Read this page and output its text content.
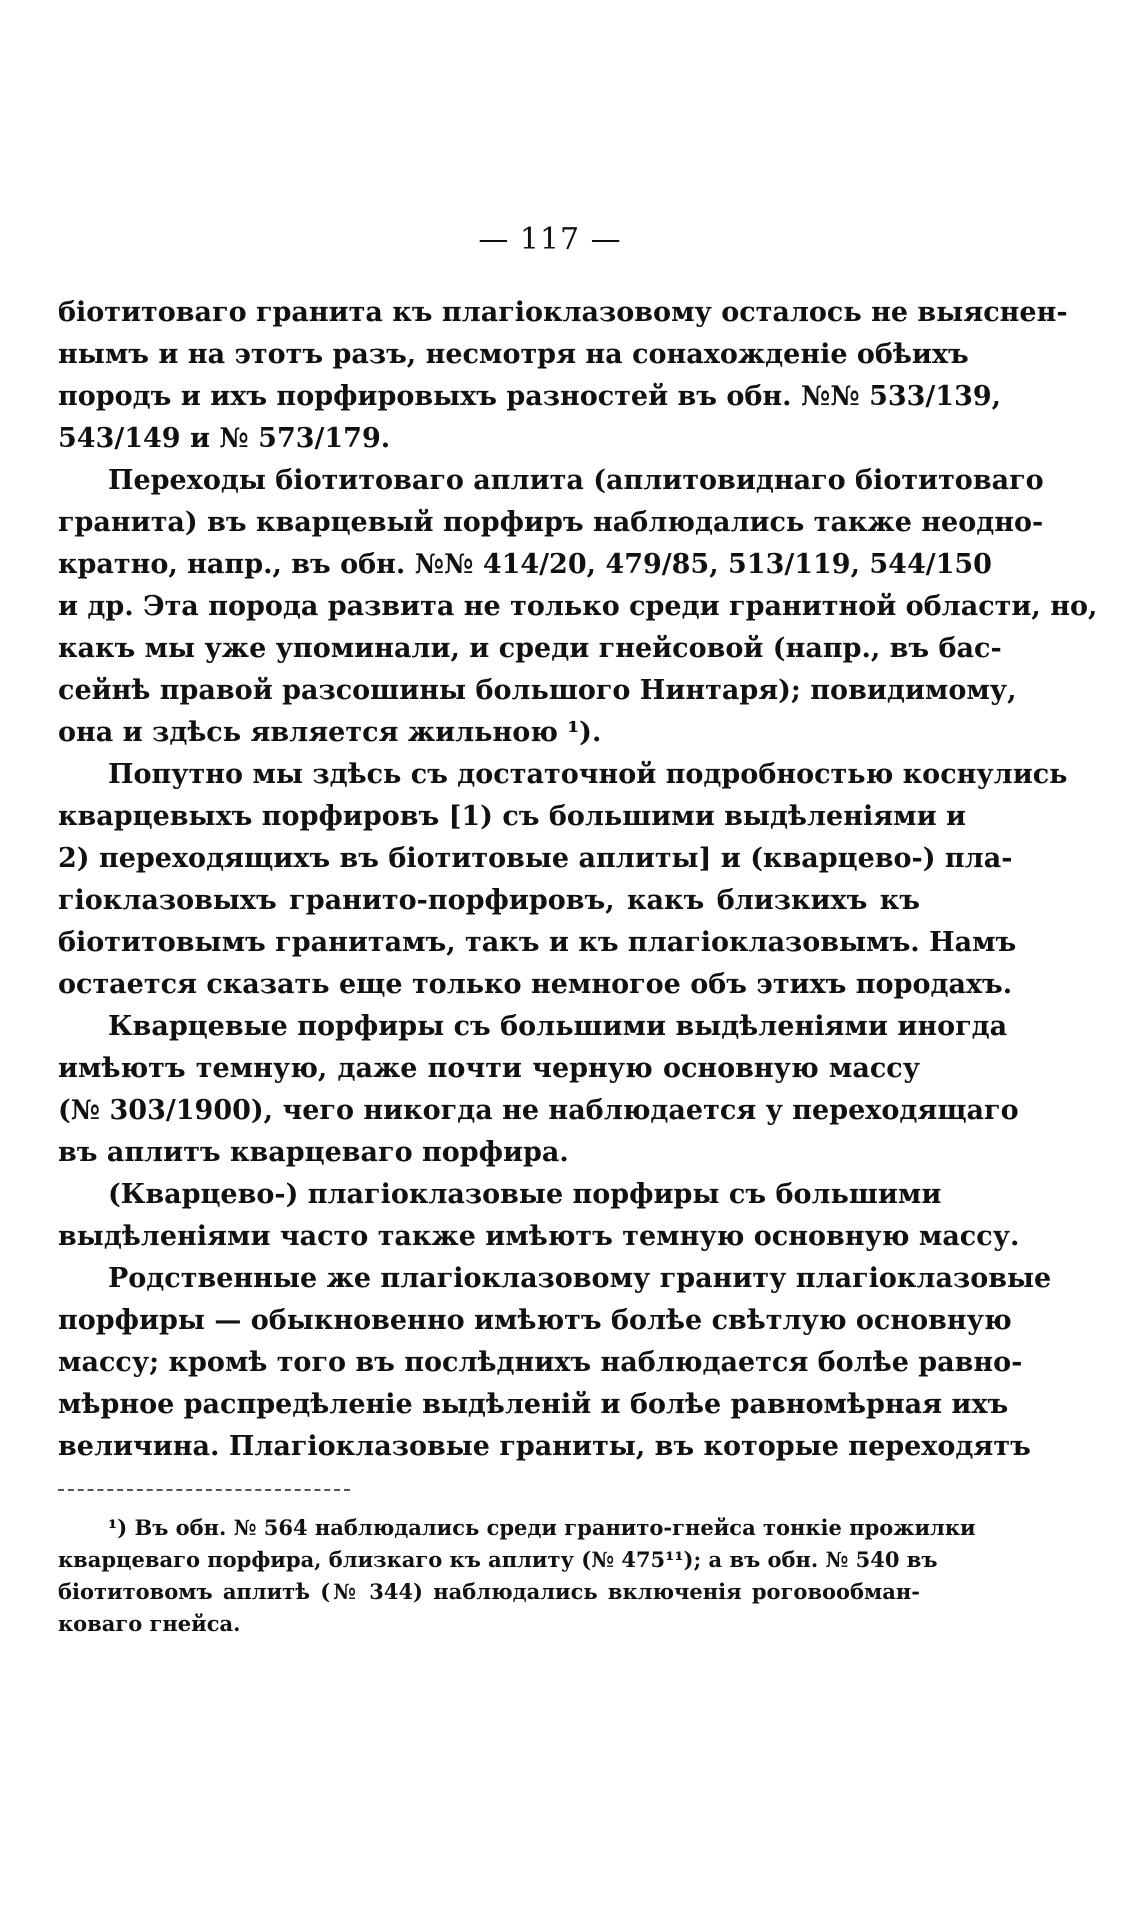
— 117 —
біотитоваго гранита къ плагіоклазовому осталось не выяснен-
нымъ и на этотъ разъ, несмотря на сонахожденіе обѣихъ
породъ и ихъ порфировыхъ разностей въ обн. №№ 533/139,
543/149 и № 573/179.
Переходы біотитоваго аплита (аплитовиднаго біотитоваго
гранита) въ кварцевый порфиръ наблюдались также неодно-
кратно, напр., въ обн. №№ 414/20, 479/85, 513/119, 544/150
и др. Эта порода развита не только среди гранитной области, но,
какъ мы уже упоминали, и среди гнейсовой (напр., въ бас-
сейнѣ правой разсошины большого Нинтаря); повидимому,
она и здѣсь является жильною ¹).
Попутно мы здѣсь съ достаточной подробностью коснулись
кварцевыхъ порфировъ [1) съ большими выдѣленіями и
2) переходящихъ въ біотитовые аплиты] и (кварцево-) пла-
гіоклазовыхъ гранито-порфировъ, какъ близкихъ къ
біотитовымъ гранитамъ, такъ и къ плагіоклазовымъ. Намъ
остается сказать еще только немногое объ этихъ породахъ.
Кварцевые порфиры съ большими выдѣленіями иногда
имѣютъ темную, даже почти черную основную массу
(№ 303/1900), чего никогда не наблюдается у переходящаго
въ аплитъ кварцеваго порфира.
(Кварцево-) плагіоклазовые порфиры съ большими
выдѣленіями часто также имѣютъ темную основную массу.
Родственные же плагіоклазовому граниту плагіоклазовые
порфиры — обыкновенно имѣютъ болѣе свѣтлую основную
массу; кромѣ того въ послѣднихъ наблюдается болѣе равно-
мѣрное распредѣленіе выдѣленій и болѣе равномѣрная ихъ
величина. Плагіоклазовые граниты, въ которые переходятъ
¹) Въ обн. № 564 наблюдались среди гранито-гнейса тонкіе прожилки
кварцеваго порфира, близкаго къ аплиту (№ 475¹¹); а въ обн. № 540 въ
біотитовомъ аплитѣ (№ 344) наблюдались включенія роговообман-
коваго гнейса.
